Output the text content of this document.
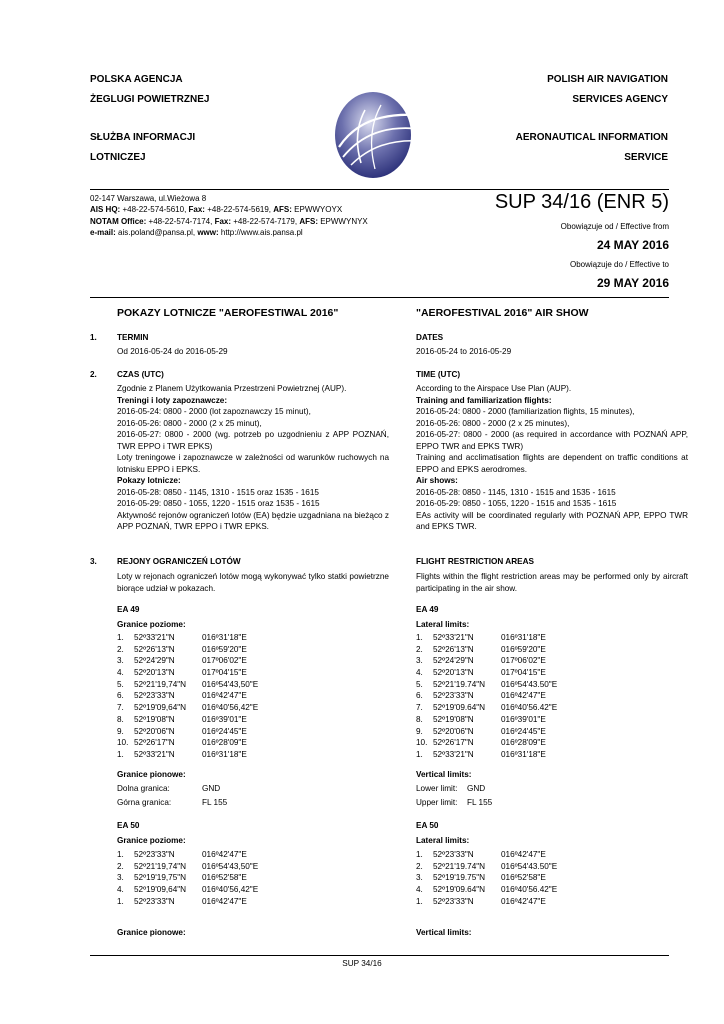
POLSKA AGENCJA
ŻEGLUGI POWIETRZNEJ
SŁUŻBA INFORMACJI
LOTNICZEJ
POLISH AIR NAVIGATION
SERVICES AGENCY
AERONAUTICAL INFORMATION
SERVICE
02-147 Warszawa, ul.Wieżowa 8
AIS HQ: +48-22-574-5610, Fax: +48-22-574-5619, AFS: EPWWYOYX
NOTAM Office: +48-22-574-7174, Fax: +48-22-574-7179, AFS: EPWWYNYX
e-mail: ais.poland@pansa.pl, www: http://www.ais.pansa.pl
SUP 34/16 (ENR 5)
Obowiązuje od / Effective from
24 MAY 2016
Obowiązuje do / Effective to
29 MAY 2016
POKAZY LOTNICZE "AEROFESTIWAL 2016"	"AEROFESTIVAL 2016" AIR SHOW
1.
2.
3.
TERMIN
Od 2016-05-24 do 2016-05-29
CZAS (UTC)

Zgodnie z Planem Użytkowania Przestrzeni Powietrznej (AUP).

Treningi i loty zapoznawcze:

2016-05-24: 0800 - 2000 (lot zapoznawczy 15 minut),

2016-05-26: 0800 - 2000 (2 x 25 minut),

2016-05-27: 0800 - 2000 (wg. potrzeb po uzgodnieniu z APP POZNAŃ, TWR EPPO i TWR EPKS)

Loty treningowe i zapoznawcze w zależności od warunków ruchowych na lotnisku EPPO i EPKS.

Pokazy lotnicze:

2016-05-28: 0850 - 1145, 1310 - 1515 oraz 1535 - 1615

2016-05-29: 0850 - 1055, 1220 - 1515 oraz 1535 - 1615

Aktywność rejonów ograniczeń lotów (EA) będzie uzgadniana na bieżąco z APP POZNAŃ, TWR EPPO i TWR EPKS.

REJONY OGRANICZEŃ LOTÓW
Loty w rejonach ograniczeń lotów mogą wykonywać tylko statki powietrzne biorące udział w pokazach.
EA 49
Granice poziome:
1. 52º33'21"N	016º31'18"E
2. 52º26'13"N	016º59'20"E
3. 52º24'29"N	017º06'02"E
4. 52º20'13"N	017º04'15"E
5. 52º21'19,74"N 016º54'43,50"E
6. 52º23'33"N	016º42'47"E
7. 52º19'09,64"N 016º40'56,42"E
8. 52º19'08"N	016º39'01"E
9. 52º20'06"N	016º24'45"E
10. 52º26'17"N	016º28'09"E
1. 52º33'21"N	016º31'18"E
Granice pionowe:
Dolna granica:	GND
Górna granica:	FL 155
EA 50
Granice poziome:
1. 52º23'33"N	016º42'47"E
2. 52º21'19,74"N 016º54'43,50"E
3. 52º19'19,75"N 016º52'58"E
4. 52º19'09,64"N 016º40'56,42"E
1. 52º23'33"N	016º42'47"E
Granice pionowe:
DATES
2016-05-24 to 2016-05-29
TIME (UTC)

According to the Airspace Use Plan (AUP).

Training and familiarization flights:

2016-05-24: 0800 - 2000 (familiarization flights, 15 minutes),

2016-05-26: 0800 - 2000 (2 x 25 minutes),

2016-05-27: 0800 - 2000 (as required in accordance with POZNAŃ APP, EPPO TWR and EPKS TWR)

Training and acclimatisation flights are dependent on traffic conditions at EPPO and EPKS aerodromes.

Air shows:

2016-05-28: 0850 - 1145, 1310 - 1515 and 1535 - 1615

2016-05-29: 0850 - 1055, 1220 - 1515 and 1535 - 1615

EAs activity will be coordinated regularly with POZNAŃ APP, EPPO TWR and EPKS TWR.

FLIGHT RESTRICTION AREAS
Flights within the flight restriction areas may be performed only by aircraft participating in the air show.
EA 49
Lateral limits:
1. 52º33'21"N	016º31'18"E
2. 52º26'13"N	016º59'20"E
3. 52º24'29"N	017º06'02"E
4. 52º20'13"N	017º04'15"E
5. 52º21'19.74"N 016º54'43.50"E
6. 52º23'33"N	016º42'47"E
7. 52º19'09.64"N 016º40'56.42"E
8. 52º19'08"N	016º39'01"E
9. 52º20'06"N	016º24'45"E
10. 52º26'17"N	016º28'09"E
1. 52º33'21"N	016º31'18"E
Vertical limits:
Lower limit: GND
Upper limit: FL 155
EA 50
Lateral limits:
1. 52º23'33"N	016º42'47"E
2. 52º21'19.74"N 016º54'43.50"E
3. 52º19'19.75"N 016º52'58"E
4. 52º19'09.64"N 016º40'56.42"E
1. 52º23'33"N	016º42'47"E
Vertical limits:
SUP 34/16
